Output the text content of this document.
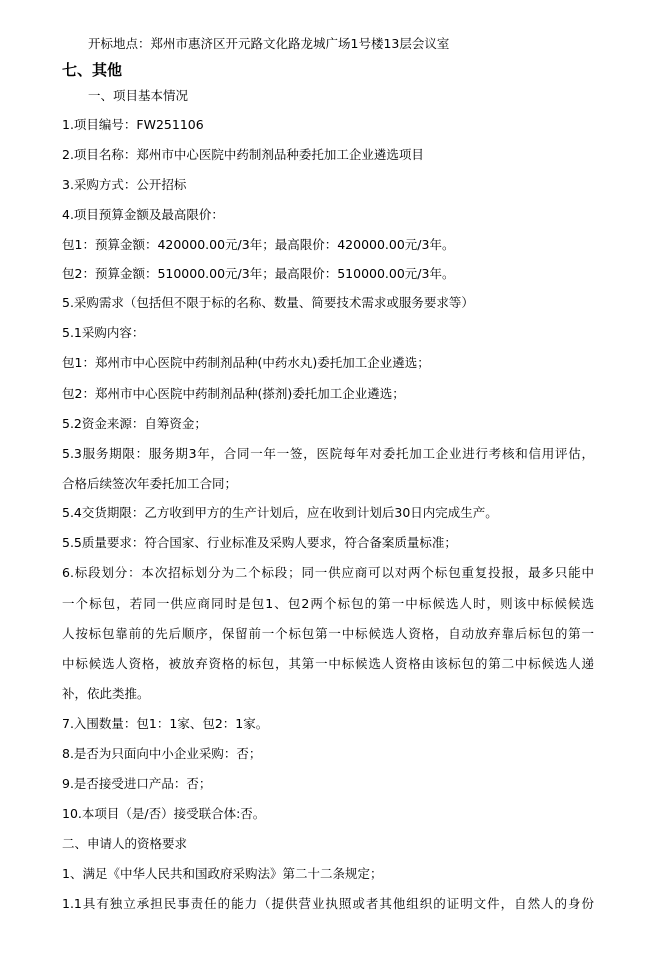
开标地点：郑州市惠济区开元路文化路龙城广场1号楼13层会议室
七、其他
一、项目基本情况
1.项目编号：FW251106
2.项目名称：郑州市中心医院中药制剂品种委托加工企业遴选项目
3.采购方式：公开招标
4.项目预算金额及最高限价：
包1：预算金额：420000.00元/3年；最高限价：420000.00元/3年。
包2：预算金额：510000.00元/3年；最高限价：510000.00元/3年。
5.采购需求（包括但不限于标的名称、数量、简要技术需求或服务要求等）
5.1采购内容：
包1：郑州市中心医院中药制剂品种(中药水丸)委托加工企业遴选；
包2：郑州市中心医院中药制剂品种(搽剂)委托加工企业遴选；
5.2资金来源：自筹资金；
5.3服务期限：服务期3年，合同一年一签，医院每年对委托加工企业进行考核和信用评估，
合格后续签次年委托加工合同；
5.4交货期限：乙方收到甲方的生产计划后，应在收到计划后30日内完成生产。
5.5质量要求：符合国家、行业标准及采购人要求，符合备案质量标准；
6.标段划分：本次招标划分为二个标段；同一供应商可以对两个标包重复投报，最多只能中
一个标包，若同一供应商同时是包1、包2两个标包的第一中标候选人时，则该中标候候选
人按标包靠前的先后顺序，保留前一个标包第一中标候选人资格，自动放弃靠后标包的第一
中标候选人资格，被放弃资格的标包，其第一中标候选人资格由该标包的第二中标候选人递
补，依此类推。
7.入围数量：包1：1家、包2：1家。
8.是否为只面向中小企业采购：否；
9.是否接受进口产品：否；
10.本项目（是/否）接受联合体:否。
二、申请人的资格要求
1、满足《中华人民共和国政府采购法》第二十二条规定；
1.1具有独立承担民事责任的能力（提供营业执照或者其他组织的证明文件，自然人的身份
